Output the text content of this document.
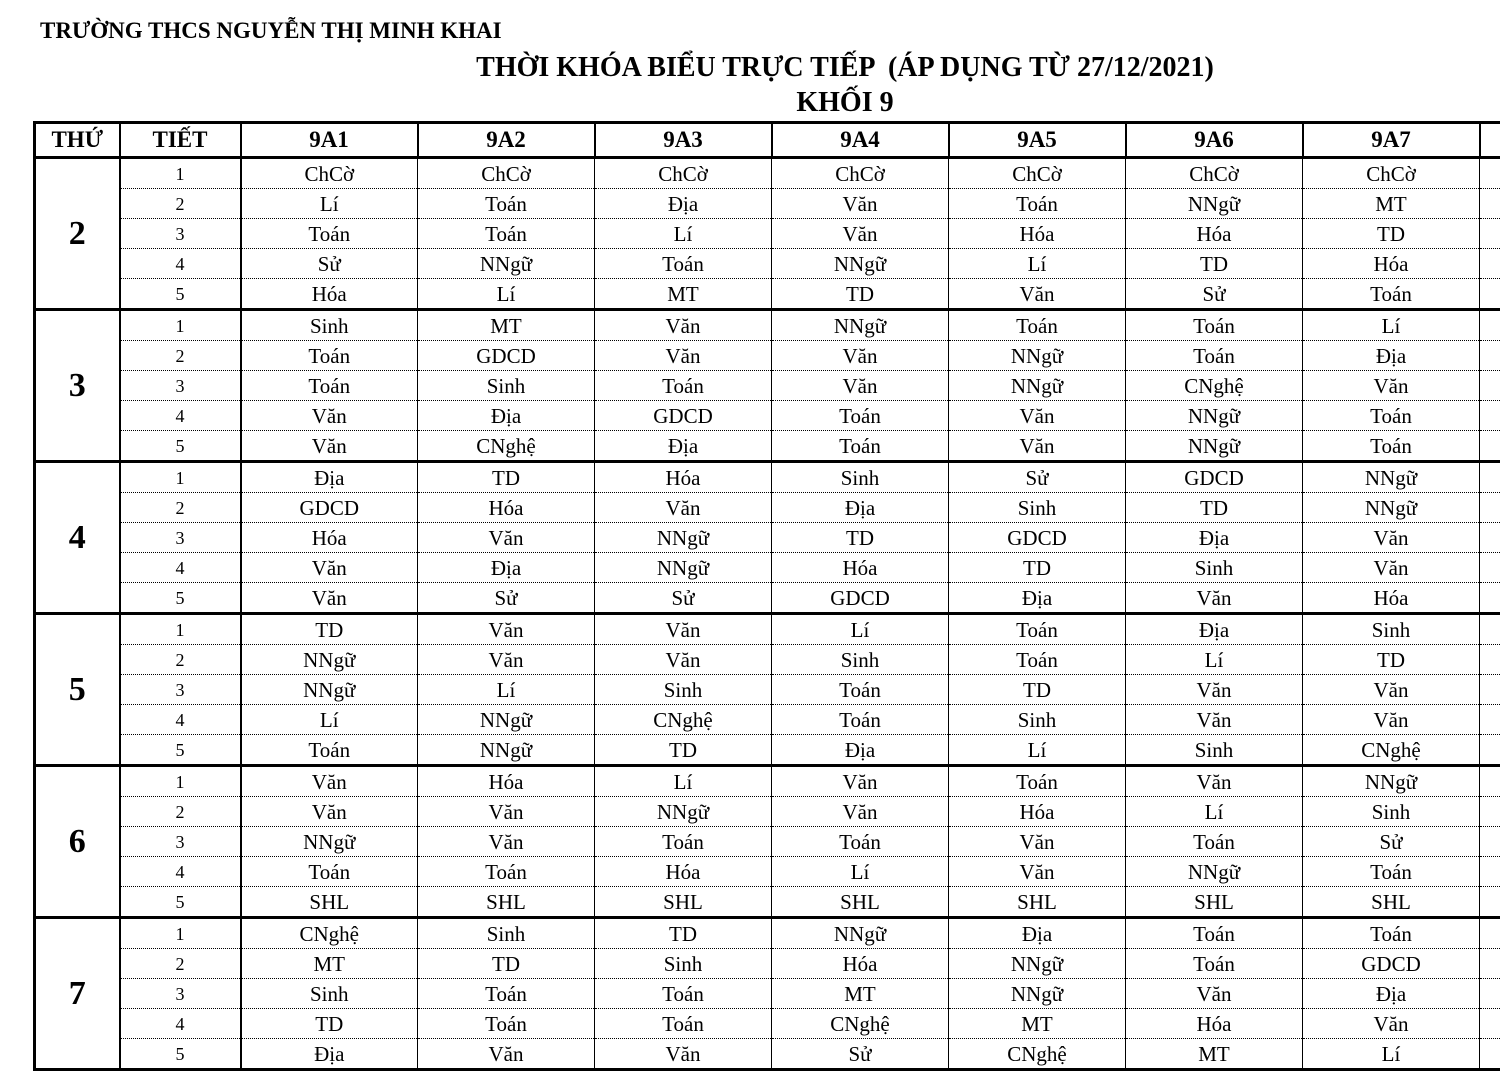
TRƯỜNG THCS NGUYỄN THỊ MINH KHAI
THỜI KHÓA BIỂU TRỰC TIẾP  (ÁP DỤNG TỪ 27/12/2021)
KHỐI 9
THỨ	TIẾT	9A1	9A2	9A3	9A4	9A5	9A6	9A7	
2	1	ChCờ	ChCờ	ChCờ	ChCờ	ChCờ	ChCờ	ChCờ	
	2	Lí	Toán	Địa	Văn	Toán	NNgữ	MT	
	3	Toán	Toán	Lí	Văn	Hóa	Hóa	TD	
	4	Sử	NNgữ	Toán	NNgữ	Lí	TD	Hóa	
	5	Hóa	Lí	MT	TD	Văn	Sử	Toán	
3	1	Sinh	MT	Văn	NNgữ	Toán	Toán	Lí	
	2	Toán	GDCD	Văn	Văn	NNgữ	Toán	Địa	
	3	Toán	Sinh	Toán	Văn	NNgữ	CNghệ	Văn	
	4	Văn	Địa	GDCD	Toán	Văn	NNgữ	Toán	
	5	Văn	CNghệ	Địa	Toán	Văn	NNgữ	Toán	
4	1	Địa	TD	Hóa	Sinh	Sử	GDCD	NNgữ	
	2	GDCD	Hóa	Văn	Địa	Sinh	TD	NNgữ	
	3	Hóa	Văn	NNgữ	TD	GDCD	Địa	Văn	
	4	Văn	Địa	NNgữ	Hóa	TD	Sinh	Văn	
	5	Văn	Sử	Sử	GDCD	Địa	Văn	Hóa	
5	1	TD	Văn	Văn	Lí	Toán	Địa	Sinh	
	2	NNgữ	Văn	Văn	Sinh	Toán	Lí	TD	
	3	NNgữ	Lí	Sinh	Toán	TD	Văn	Văn	
	4	Lí	NNgữ	CNghệ	Toán	Sinh	Văn	Văn	
	5	Toán	NNgữ	TD	Địa	Lí	Sinh	CNghệ	
6	1	Văn	Hóa	Lí	Văn	Toán	Văn	NNgữ	
	2	Văn	Văn	NNgữ	Văn	Hóa	Lí	Sinh	
	3	NNgữ	Văn	Toán	Toán	Văn	Toán	Sử	
	4	Toán	Toán	Hóa	Lí	Văn	NNgữ	Toán	
	5	SHL	SHL	SHL	SHL	SHL	SHL	SHL	
7	1	CNghệ	Sinh	TD	NNgữ	Địa	Toán	Toán	
	2	MT	TD	Sinh	Hóa	NNgữ	Toán	GDCD	
	3	Sinh	Toán	Toán	MT	NNgữ	Văn	Địa	
	4	TD	Toán	Toán	CNghệ	MT	Hóa	Văn	
	5	Địa	Văn	Văn	Sử	CNghệ	MT	Lí	
